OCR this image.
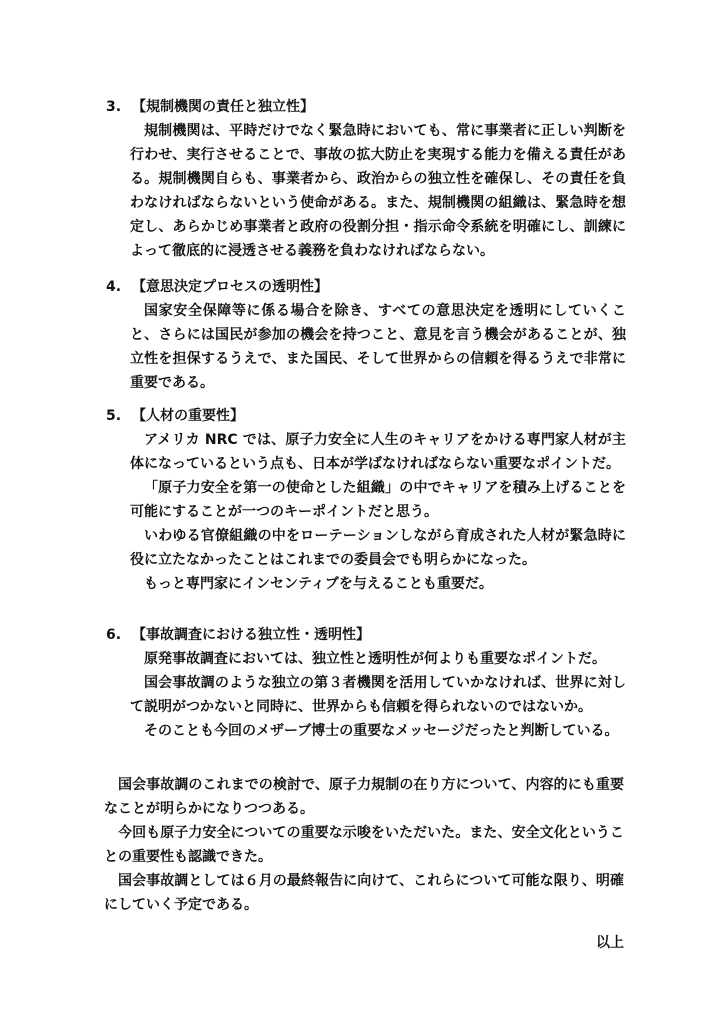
3. 【規制機関の責任と独立性】

規制機関は、平時だけでなく緊急時においても、常に事業者に正しい判断を行わせ、実行させることで、事故の拡大防止を実現する能力を備える責任がある。規制機関自らも、事業者から、政治からの独立性を確保し、その責任を負わなければならないという使命がある。また、規制機関の組織は、緊急時を想定し、あらかじめ事業者と政府の役割分担・指示命令系統を明確にし、訓練によって徹底的に浸透させる義務を負わなければならない。

4. 【意思決定プロセスの透明性】

国家安全保障等に係る場合を除き、すべての意思決定を透明にしていくこと、さらには国民が参加の機会を持つこと、意見を言う機会があることが、独立性を担保するうえで、また国民、そして世界からの信頼を得るうえで非常に重要である。

5. 【人材の重要性】

アメリカ NRC では、原子力安全に人生のキャリアをかける専門家人材が主体になっているという点も、日本が学ばなければならない重要なポイントだ。

「原子力安全を第一の使命とした組織」の中でキャリアを積み上げることを可能にすることが一つのキーポイントだと思う。

いわゆる官僚組織の中をローテーションしながら育成された人材が緊急時に役に立たなかったことはこれまでの委員会でも明らかになった。

もっと専門家にインセンティブを与えることも重要だ。

6. 【事故調査における独立性・透明性】

原発事故調査においては、独立性と透明性が何よりも重要なポイントだ。

国会事故調のような独立の第３者機関を活用していかなければ、世界に対して説明がつかないと同時に、世界からも信頼を得られないのではないか。

そのことも今回のメザーブ博士の重要なメッセージだったと判断している。

国会事故調のこれまでの検討で、原子力規制の在り方について、内容的にも重要なことが明らかになりつつある。

今回も原子力安全についての重要な示唆をいただいた。また、安全文化ということの重要性も認識できた。

国会事故調としては６月の最終報告に向けて、これらについて可能な限り、明確にしていく予定である。

以上
